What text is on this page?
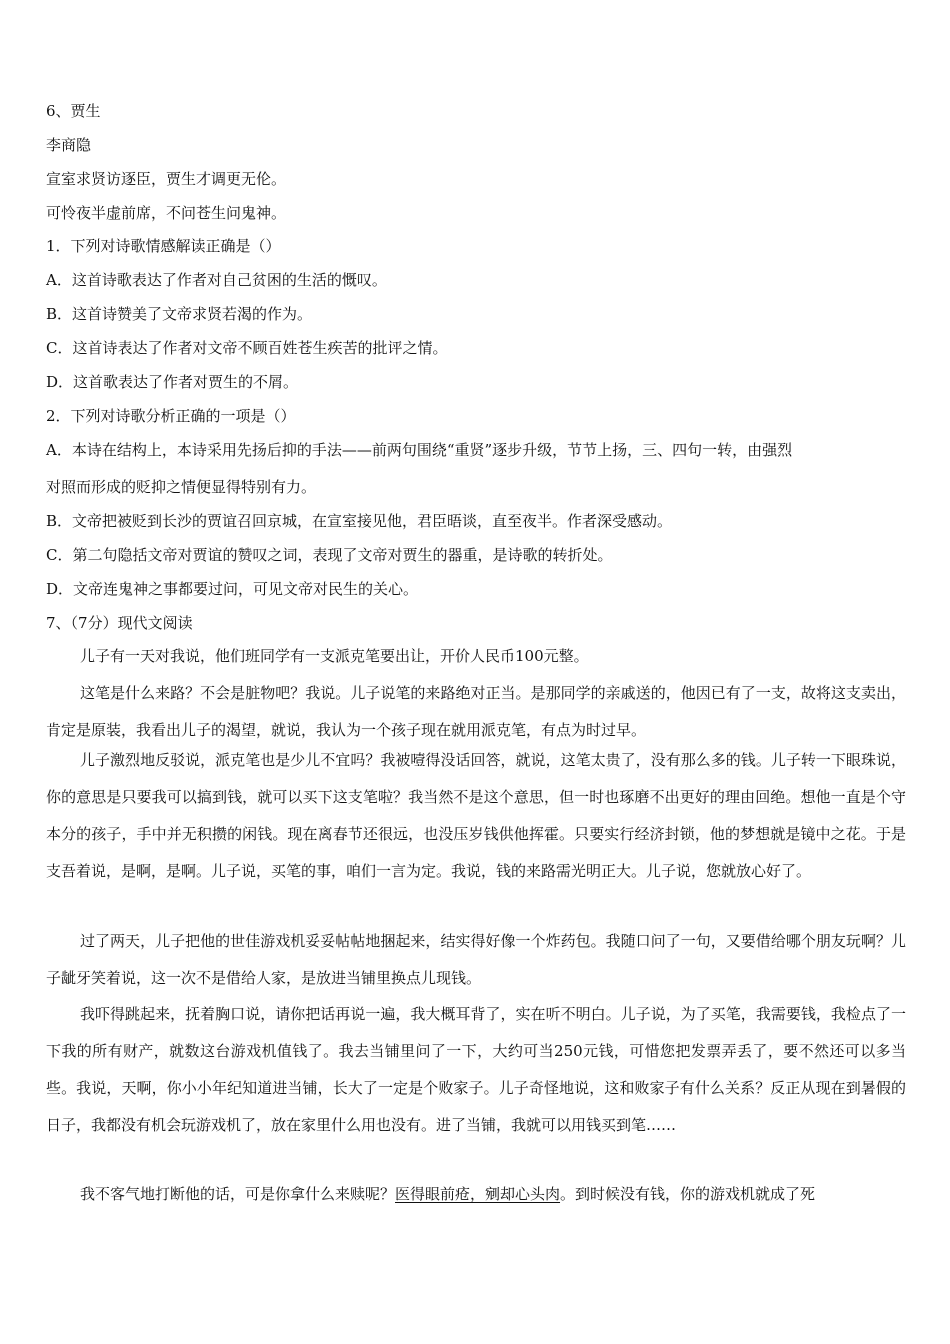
6、贾生
李商隐
宣室求贤访逐臣，贾生才调更无伦。
可怜夜半虚前席，不问苍生问鬼神。
1．下列对诗歌情感解读正确是（）
A．这首诗歌表达了作者对自己贫困的生活的慨叹。
B．这首诗赞美了文帝求贤若渴的作为。
C．这首诗表达了作者对文帝不顾百姓苍生疾苦的批评之情。
D．这首歌表达了作者对贾生的不屑。
2．下列对诗歌分析正确的一项是（）
A．本诗在结构上，本诗采用先扬后抑的手法——前两句围绕“重贤”逐步升级，节节上扬，三、四句一转，由强烈
对照而形成的贬抑之情便显得特别有力。
B．文帝把被贬到长沙的贾谊召回京城，在宣室接见他，君臣晤谈，直至夜半。作者深受感动。
C．第二句隐括文帝对贾谊的赞叹之词，表现了文帝对贾生的器重，是诗歌的转折处。
D．文帝连鬼神之事都要过问，可见文帝对民生的关心。
7、（7分）现代文阅读

儿子有一天对我说，他们班同学有一支派克笔要出让，开价人民币100元整。

这笔是什么来路？不会是脏物吧？我说。儿子说笔的来路绝对正当。是那同学的亲戚送的，他因已有了一支，故将这支卖出，肯定是原装，我看出儿子的渴望，就说，我认为一个孩子现在就用派克笔，有点为时过早。

儿子激烈地反驳说，派克笔也是少儿不宜吗？我被噎得没话回答，就说，这笔太贵了，没有那么多的钱。儿子转一下眼珠说，你的意思是只要我可以搞到钱，就可以买下这支笔啦？我当然不是这个意思，但一时也琢磨不出更好的理由回绝。想他一直是个守本分的孩子，手中并无积攒的闲钱。现在离春节还很远，也没压岁钱供他挥霍。只要实行经济封锁，他的梦想就是镜中之花。于是支吾着说，是啊，是啊。儿子说，买笔的事，咱们一言为定。我说，钱的来路需光明正大。儿子说，您就放心好了。

过了两天，儿子把他的世佳游戏机妥妥帖帖地捆起来，结实得好像一个炸药包。我随口问了一句，又要借给哪个朋友玩啊？儿子龇牙笑着说，这一次不是借给人家，是放进当铺里换点儿现钱。

我吓得跳起来，抚着胸口说，请你把话再说一遍，我大概耳背了，实在听不明白。儿子说，为了买笔，我需要钱，我检点了一下我的所有财产，就数这台游戏机值钱了。我去当铺里问了一下，大约可当250元钱，可惜您把发票弄丢了，要不然还可以多当些。我说，天啊，你小小年纪知道进当铺，长大了一定是个败家子。儿子奇怪地说，这和败家子有什么关系？反正从现在到暑假的日子，我都没有机会玩游戏机了，放在家里什么用也没有。进了当铺，我就可以用钱买到笔……

我不客气地打断他的话，可是你拿什么来赎呢？医得眼前疮，剜却心头肉。到时候没有钱，你的游戏机就成了死
